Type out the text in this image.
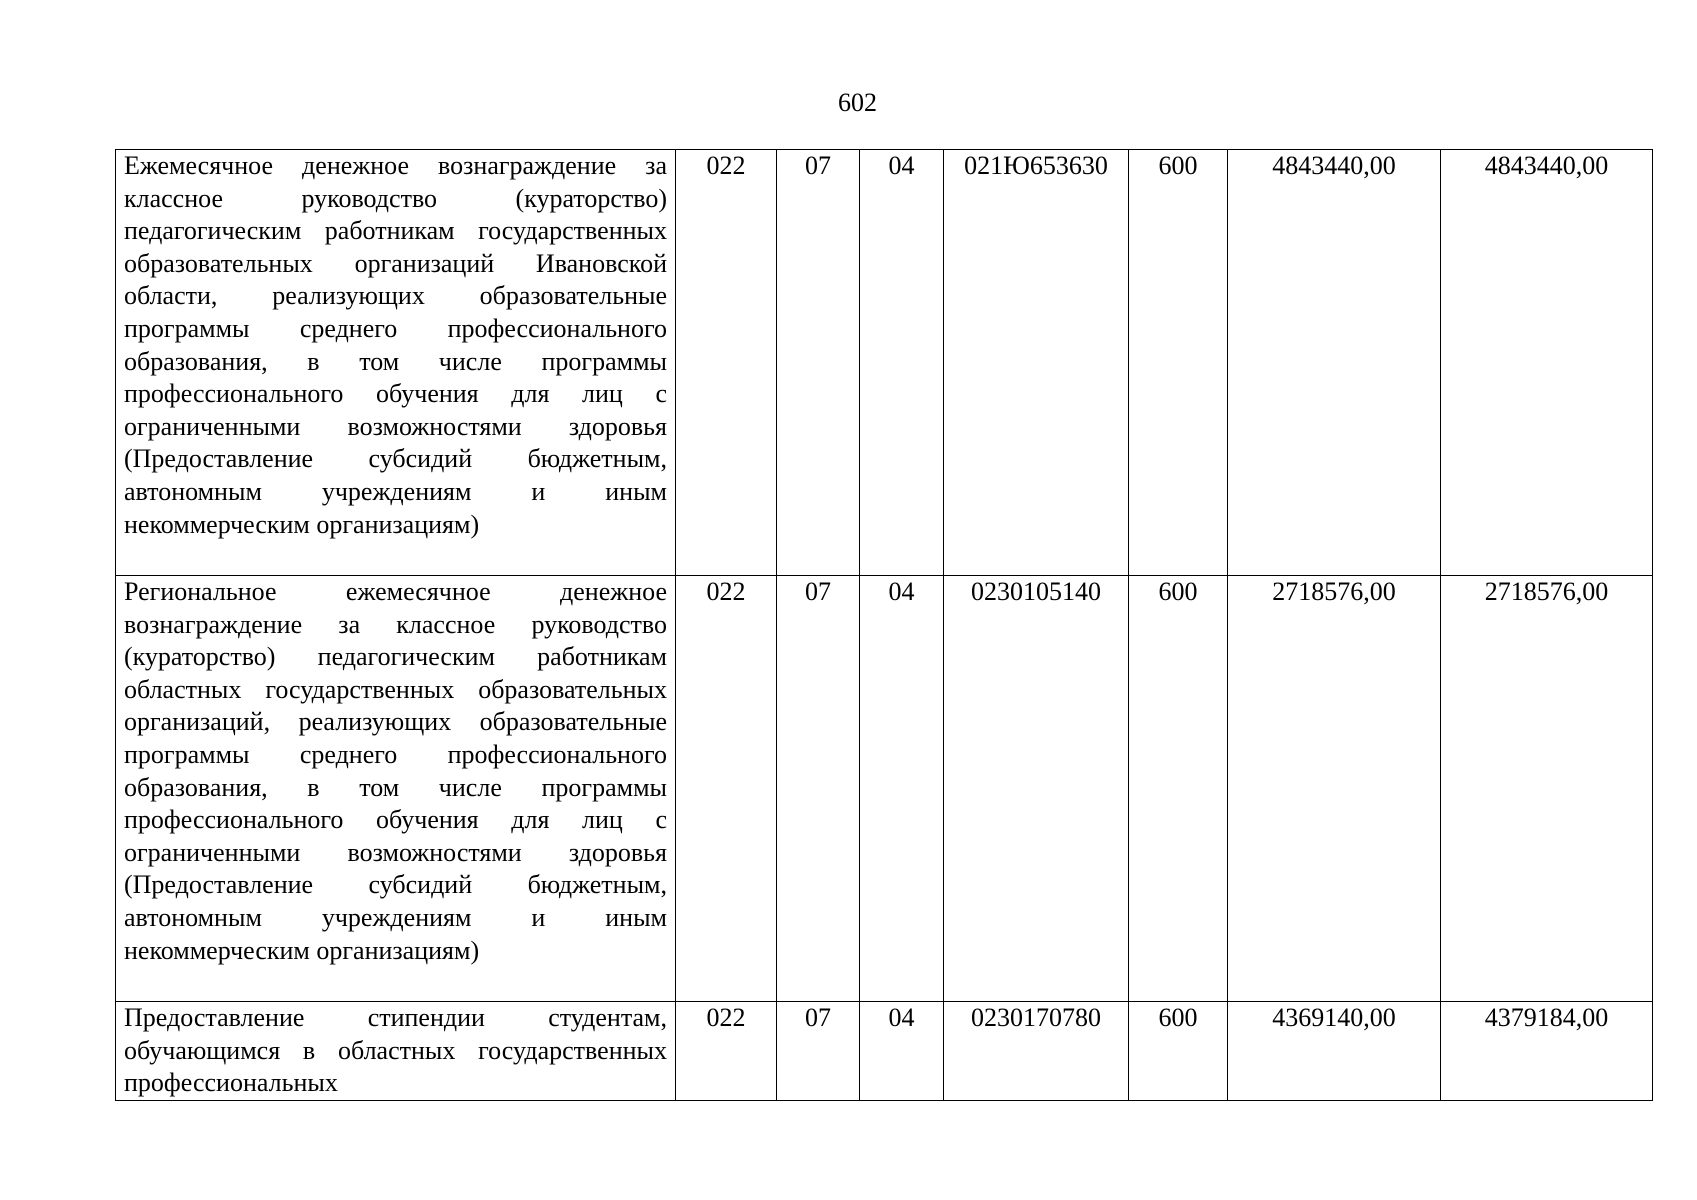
602
Ежемесячное денежное вознаграждение за классное руководство (кураторство) педагогическим работникам государственных образовательных организаций Ивановской области, реализующих образовательные программы среднего профессионального образования, в том числе программы профессионального обучения для лиц с ограниченными возможностями здоровья (Предоставление субсидий бюджетным, автономным учреждениям и иным некоммерческим организациям)	022	07	04	021Ю653630	600	4843440,00	4843440,00
Региональное ежемесячное денежное вознаграждение за классное руководство (кураторство) педагогическим работникам областных государственных образовательных организаций, реализующих образовательные программы среднего профессионального образования, в том числе программы профессионального обучения для лиц с ограниченными возможностями здоровья (Предоставление субсидий бюджетным, автономным учреждениям и иным некоммерческим организациям)	022	07	04	0230105140	600	2718576,00	2718576,00
Предоставление стипендии студентам, обучающимся в областных государственных профессиональных	022	07	04	0230170780	600	4369140,00	4379184,00
